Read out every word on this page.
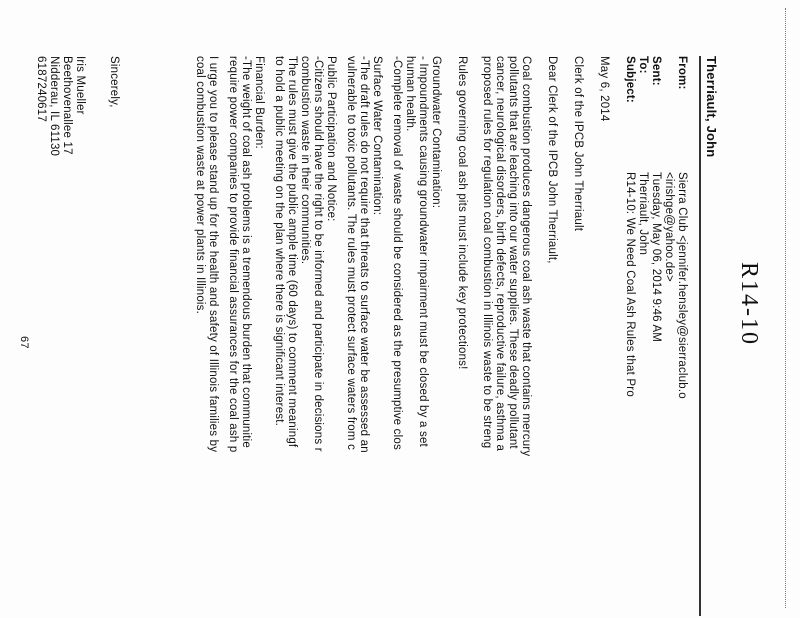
R14-10
Therriault, John
From:
Sierra Club <jennifer.hensley@sierraclub.o
<irishge@yahoo.de>
Sent:
Tuesday, May 06, 2014 9:46 AM
To:
Therriault, John
Subject:
R14-10: We Need Coal Ash Rules that Pro
May 6, 2014
Clerk of the IPCB John Therriault
Dear Clerk of the IPCB John Therriault,
Coal combustion produces dangerous coal ash waste that contains mercury
pollutants that are leaching into our water supplies. These deadly pollutant
cancer, neurological disorders, birth defects, reproductive failure, asthma a
proposed rules for regulation coal combustion in Illinois waste to be streng
Rules governing coal ash pits must include key protections!
Groundwater Contamination:
- Impoundments causing groundwater impairment must be closed by a set
human health.
-Complete removal of waste should be considered as the presumptive clos
Surface Water Contamination:
-The draft rules do not require that threats to surface water be assessed an
vulnerable to toxic pollutants. The rules must protect surface waters from c
Public Participation and Notice:
-Citizens should have the right to be informed and participate in decisions r
combustion waste in their communities.
The rules must give the public ample time (60 days) to comment meaningf
to hold a public meeting on the plan where there is significant interest.
Financial Burden:
-The weight of coal ash problems is a tremendous burden that communitie
require power companies to provide financial assurances for the coal ash p
I urge you to please stand up for the health and safety of Illinois families by
coal combustion waste at power plants in Illinois.
Sincerely,
Iris Mueller
Beethovenallee 17
Nidderau, IL 61130
6187240617
67
